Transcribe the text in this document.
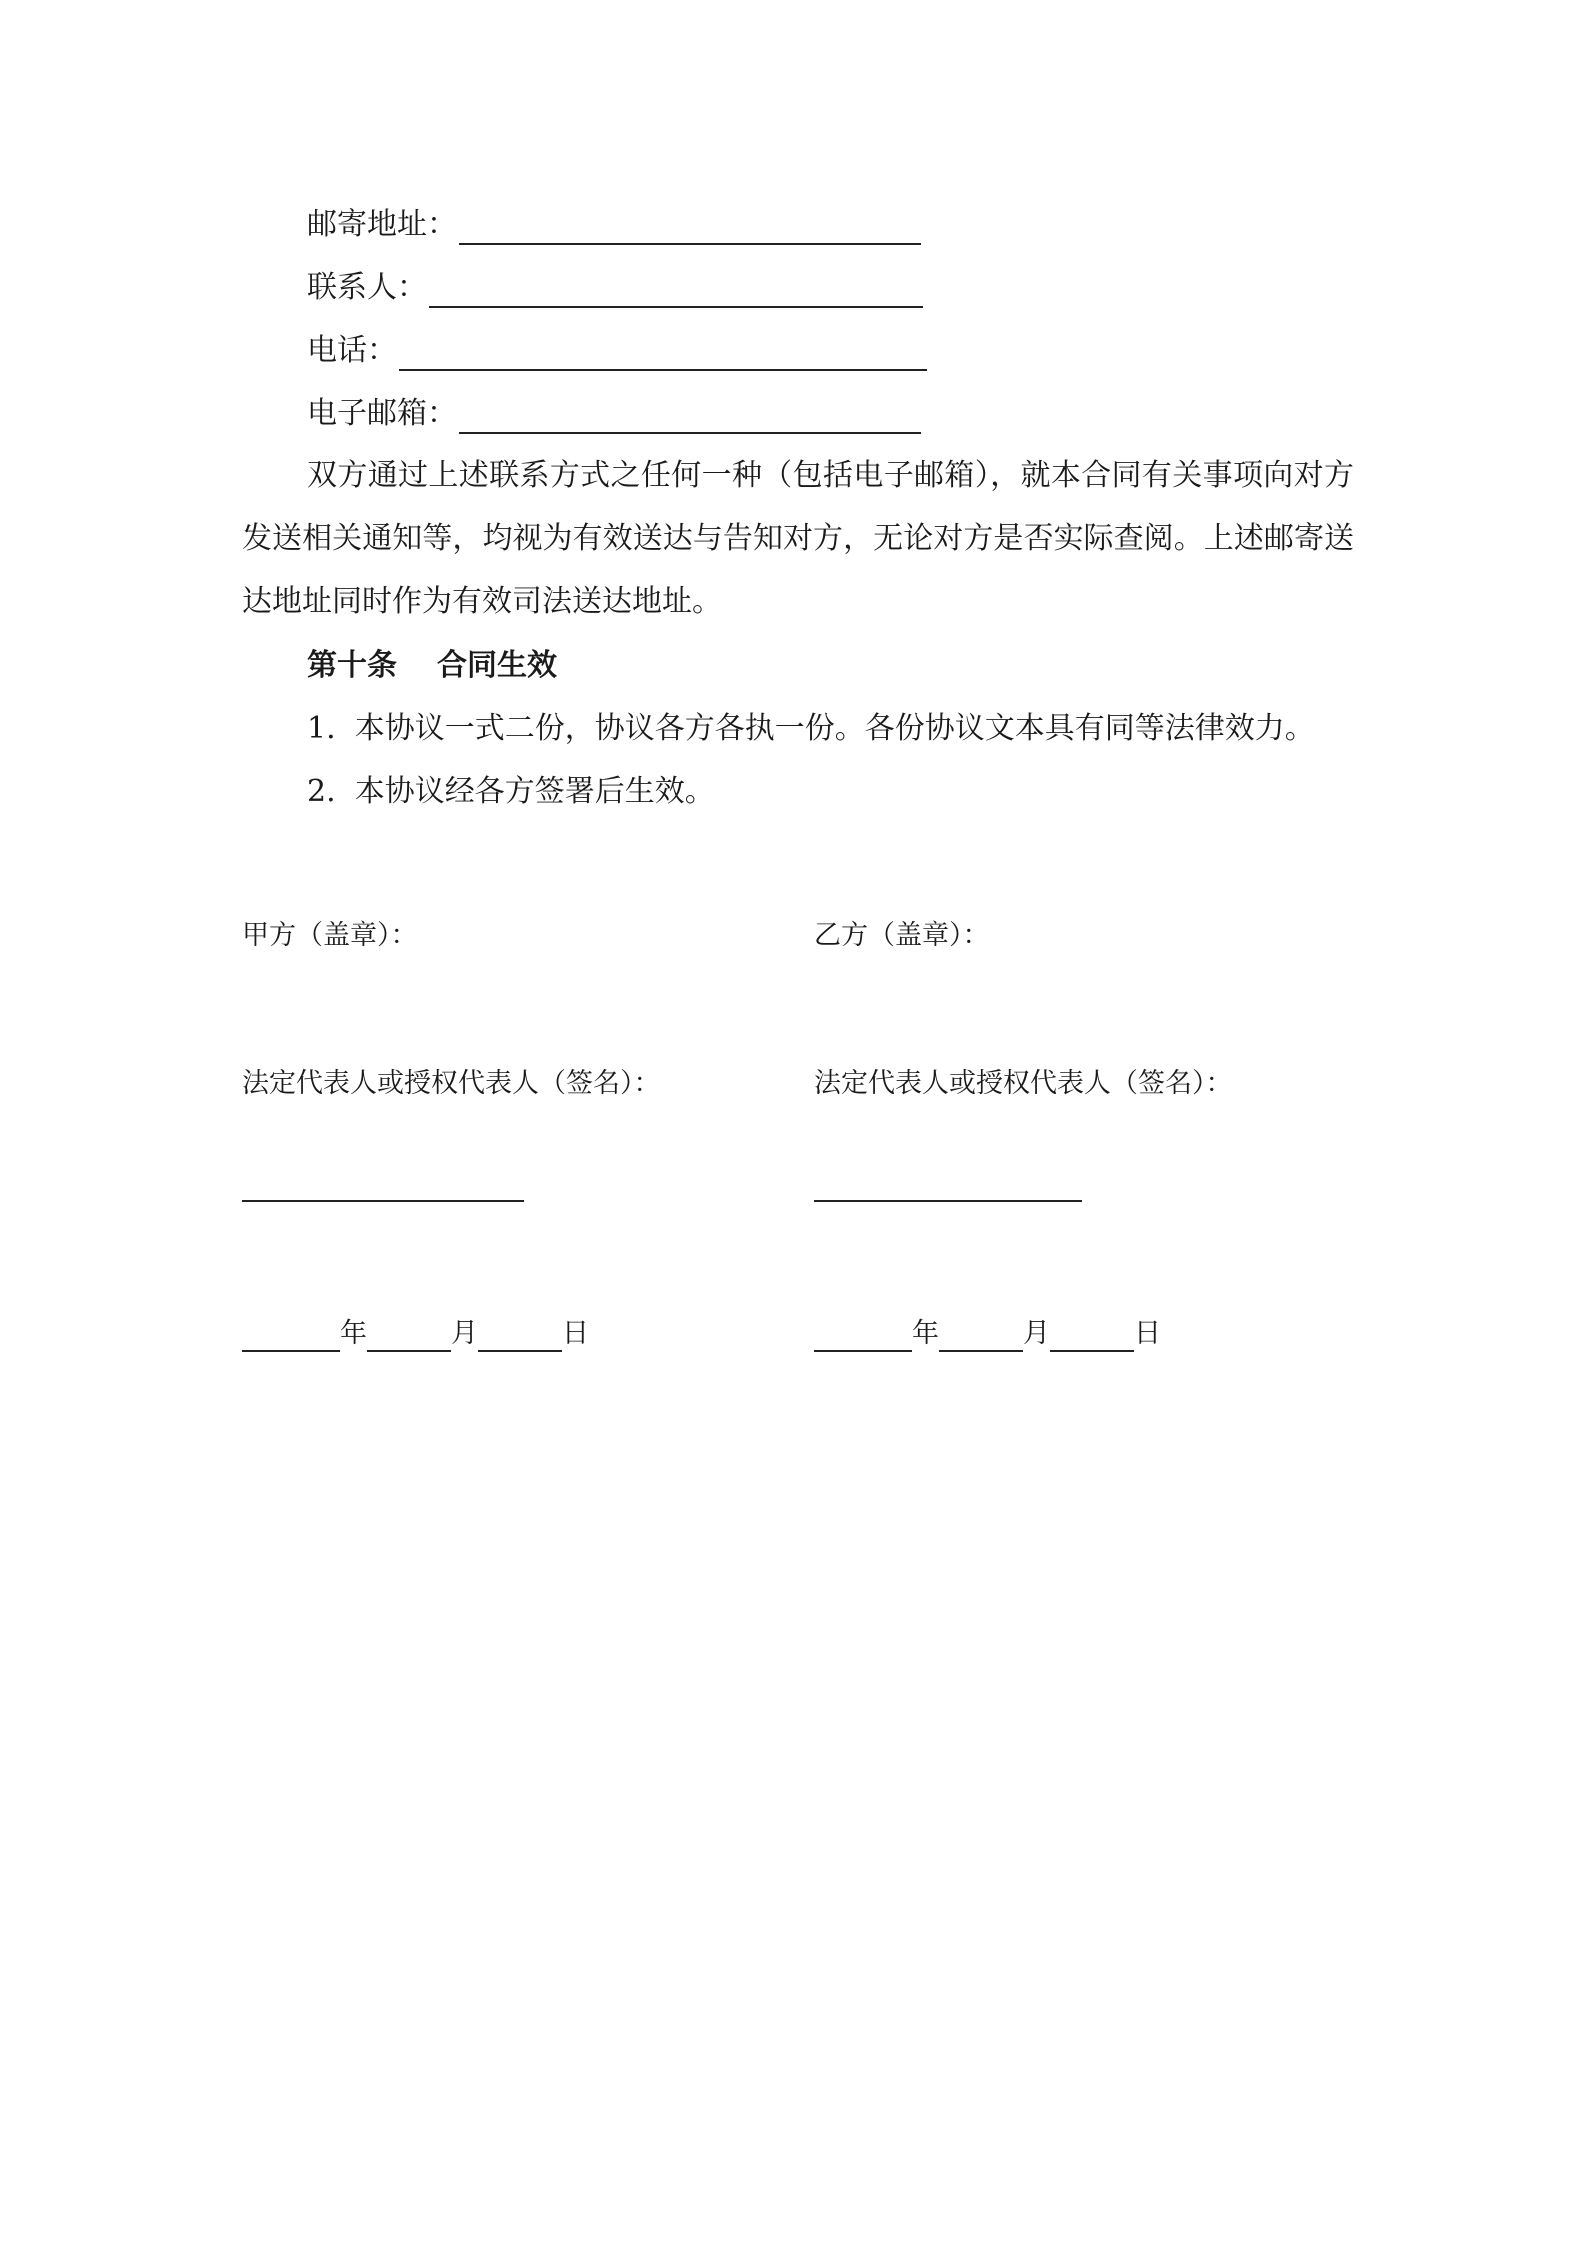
邮寄地址：
联系人：
电话：
电子邮箱：
双方通过上述联系方式之任何一种（包括电子邮箱），就本合同有关事项向对方发送相关通知等，均视为有效送达与告知对方，无论对方是否实际查阅。上述邮寄送达地址同时作为有效司法送达地址。
第十条 合同生效
1.  本协议一式二份，协议各方各执一份。各份协议文本具有同等法律效力。
2.  本协议经各方签署后生效。
甲方（盖章）：
法定代表人或授权代表人（签名）：
年	月	日
乙方（盖章）：
法定代表人或授权代表人（签名）：
年	月	日
